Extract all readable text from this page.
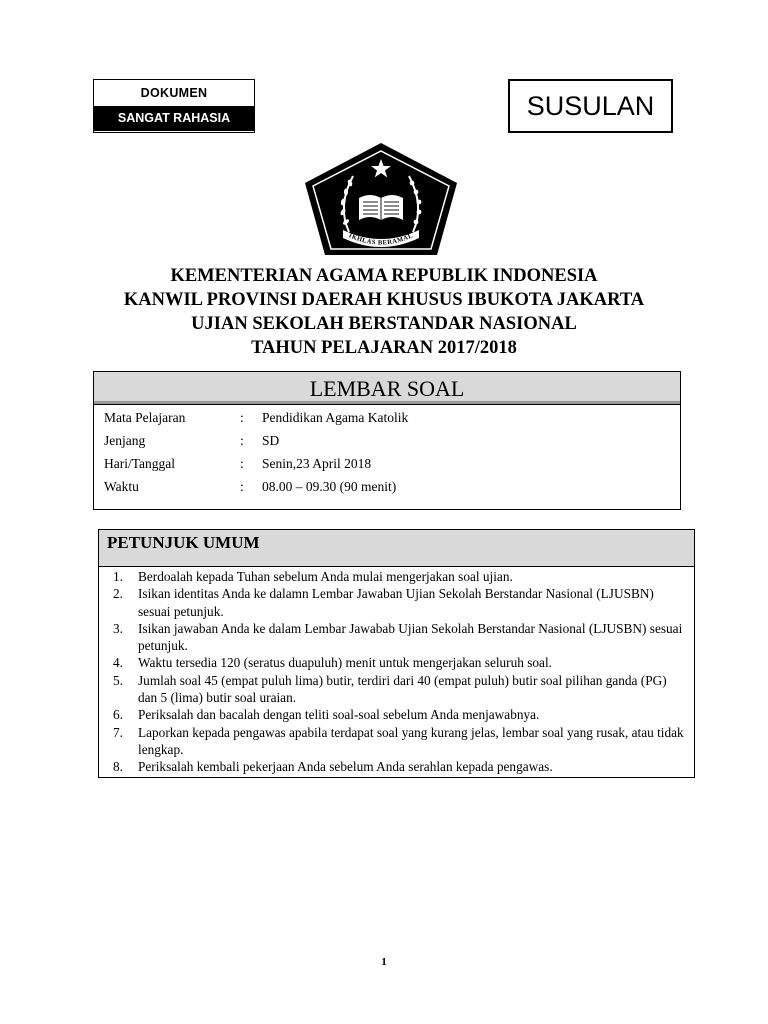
DOKUMEN
SANGAT RAHASIA	SUSULAN
IKHLAS BERAMAL
KEMENTERIAN AGAMA REPUBLIK INDONESIA
KANWIL PROVINSI DAERAH KHUSUS IBUKOTA JAKARTA
UJIAN SEKOLAH BERSTANDAR NASIONAL
TAHUN PELAJARAN 2017/2018
LEMBAR SOAL
Mata Pelajaran	: Pendidikan Agama Katolik
Jenjang	: SD
Hari/Tanggal	: Senin,23 April 2018
Waktu	: 08.00 – 09.30 (90 menit)
PETUNJUK UMUM
1. Berdoalah kepada Tuhan sebelum Anda mulai mengerjakan soal ujian.
2. Isikan identitas Anda ke dalamn Lembar Jawaban Ujian Sekolah Berstandar Nasional (LJUSBN) sesuai petunjuk.
3. Isikan jawaban Anda ke dalam Lembar Jawabab Ujian Sekolah Berstandar Nasional (LJUSBN) sesuai petunjuk.
4. Waktu tersedia 120 (seratus duapuluh) menit untuk mengerjakan seluruh soal.
5. Jumlah soal 45 (empat puluh lima) butir, terdiri dari 40 (empat puluh) butir soal pilihan ganda (PG) dan 5 (lima) butir soal uraian.
6. Periksalah dan bacalah dengan teliti soal-soal sebelum Anda menjawabnya.
7. Laporkan kepada pengawas apabila terdapat soal yang kurang jelas, lembar soal yang rusak, atau tidak lengkap.
8. Periksalah kembali pekerjaan Anda sebelum Anda serahlan kepada pengawas.
1
